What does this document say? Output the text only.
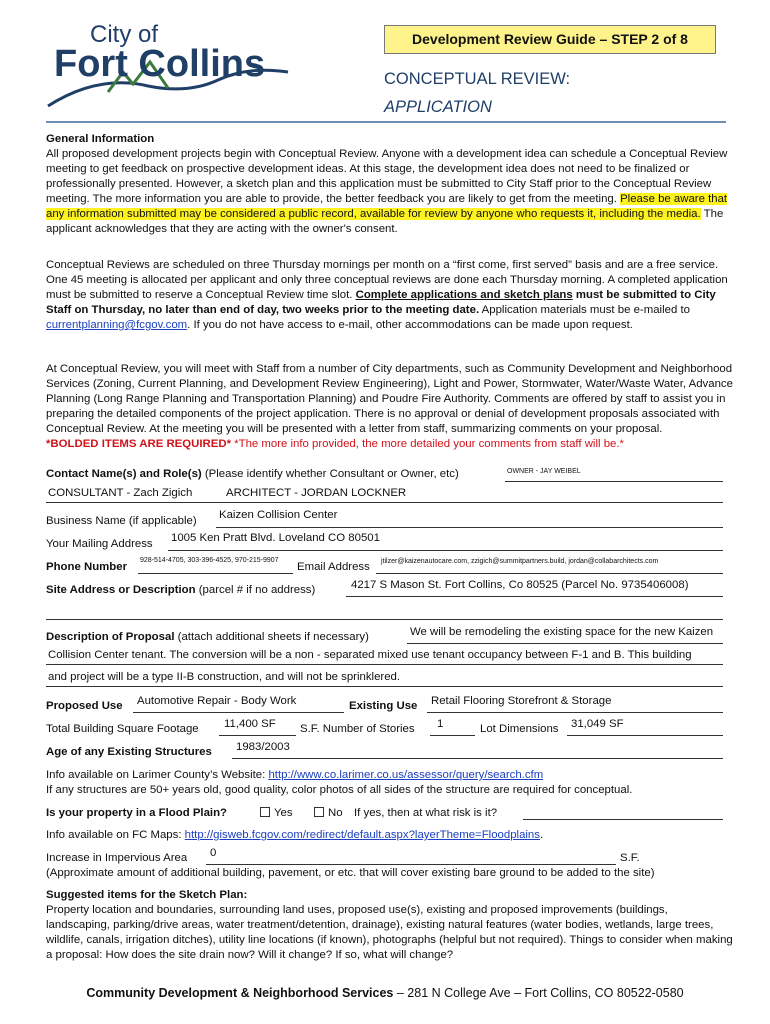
City of
Fort Collins
Development Review Guide – STEP 2 of 8
CONCEPTUAL REVIEW:
APPLICATION
General Information
All proposed development projects begin with Conceptual Review. Anyone with a development idea can schedule a Conceptual Review meeting to get feedback on prospective development ideas. At this stage, the development idea does not need to be finalized or professionally presented. However, a sketch plan and this application must be submitted to City Staff prior to the Conceptual Review meeting. The more information you are able to provide, the better feedback you are likely to get from the meeting. Please be aware that any information submitted may be considered a public record, available for review by anyone who requests it, including the media. The applicant acknowledges that they are acting with the owner's consent.
Conceptual Reviews are scheduled on three Thursday mornings per month on a “first come, first served” basis and are a free service. One 45 meeting is allocated per applicant and only three conceptual reviews are done each Thursday morning. A completed application must be submitted to reserve a Conceptual Review time slot. Complete applications and sketch plans must be submitted to City Staff on Thursday, no later than end of day, two weeks prior to the meeting date. Application materials must be e-mailed to currentplanning@fcgov.com. If you do not have access to e-mail, other accommodations can be made upon request.
At Conceptual Review, you will meet with Staff from a number of City departments, such as Community Development and Neighborhood Services (Zoning, Current Planning, and Development Review Engineering), Light and Power, Stormwater, Water/Waste Water, Advance Planning (Long Range Planning and Transportation Planning) and Poudre Fire Authority. Comments are offered by staff to assist you in preparing the detailed components of the project application. There is no approval or denial of development proposals associated with Conceptual Review. At the meeting you will be presented with a letter from staff, summarizing comments on your proposal.
*BOLDED ITEMS ARE REQUIRED* *The more info provided, the more detailed your comments from staff will be.*
Contact Name(s) and Role(s) (Please identify whether Consultant or Owner, etc)	OWNER - JAY WEIBEL
CONSULTANT - Zach Zigich	ARCHITECT - JORDAN LOCKNER
Business Name (if applicable) Kaizen Collision Center
Your Mailing Address 1005 Ken Pratt Blvd. Loveland CO 80501
Phone Number
928-514-4705, 303-396-4525, 970-215-9907
Email Address jtilzer@kaizenautocare.com, zzigich@summitpartners.build, jordan@collabarchitects.com
Site Address or Description (parcel # if no address)	4217 S Mason St. Fort Collins, Co 80525 (Parcel No. 9735406008)
Description of Proposal (attach additional sheets if necessary)	We will be remodeling the existing space for the new Kaizen
Collision Center tenant. The conversion will be a non - separated mixed use tenant occupancy between F-1 and B. This building
and project will be a type II-B construction, and will not be sprinklered.
Proposed Use Automotive Repair - Body Work	Existing Use Retail Flooring Storefront & Storage
Total Building Square Footage 11,400 SF S.F. Number of Stories 1	Lot Dimensions 31,049 SF
Age of any Existing Structures 1983/2003
Info available on Larimer County’s Website: http://www.co.larimer.co.us/assessor/query/search.cfm
If any structures are 50+ years old, good quality, color photos of all sides of the structure are required for conceptual.
Is your property in a Flood Plain?	Yes	No If yes, then at what risk is it?
Info available on FC Maps: http://gisweb.fcgov.com/redirect/default.aspx?layerTheme=Floodplains.
Increase in Impervious Area 0	S.F.
(Approximate amount of additional building, pavement, or etc. that will cover existing bare ground to be added to the site)
Suggested items for the Sketch Plan:
Property location and boundaries, surrounding land uses, proposed use(s), existing and proposed improvements (buildings, landscaping, parking/drive areas, water treatment/detention, drainage), existing natural features (water bodies, wetlands, large trees, wildlife, canals, irrigation ditches), utility line locations (if known), photographs (helpful but not required). Things to consider when making a proposal: How does the site drain now? Will it change? If so, what will change?
Community Development & Neighborhood Services – 281 N College Ave – Fort Collins, CO 80522-0580
